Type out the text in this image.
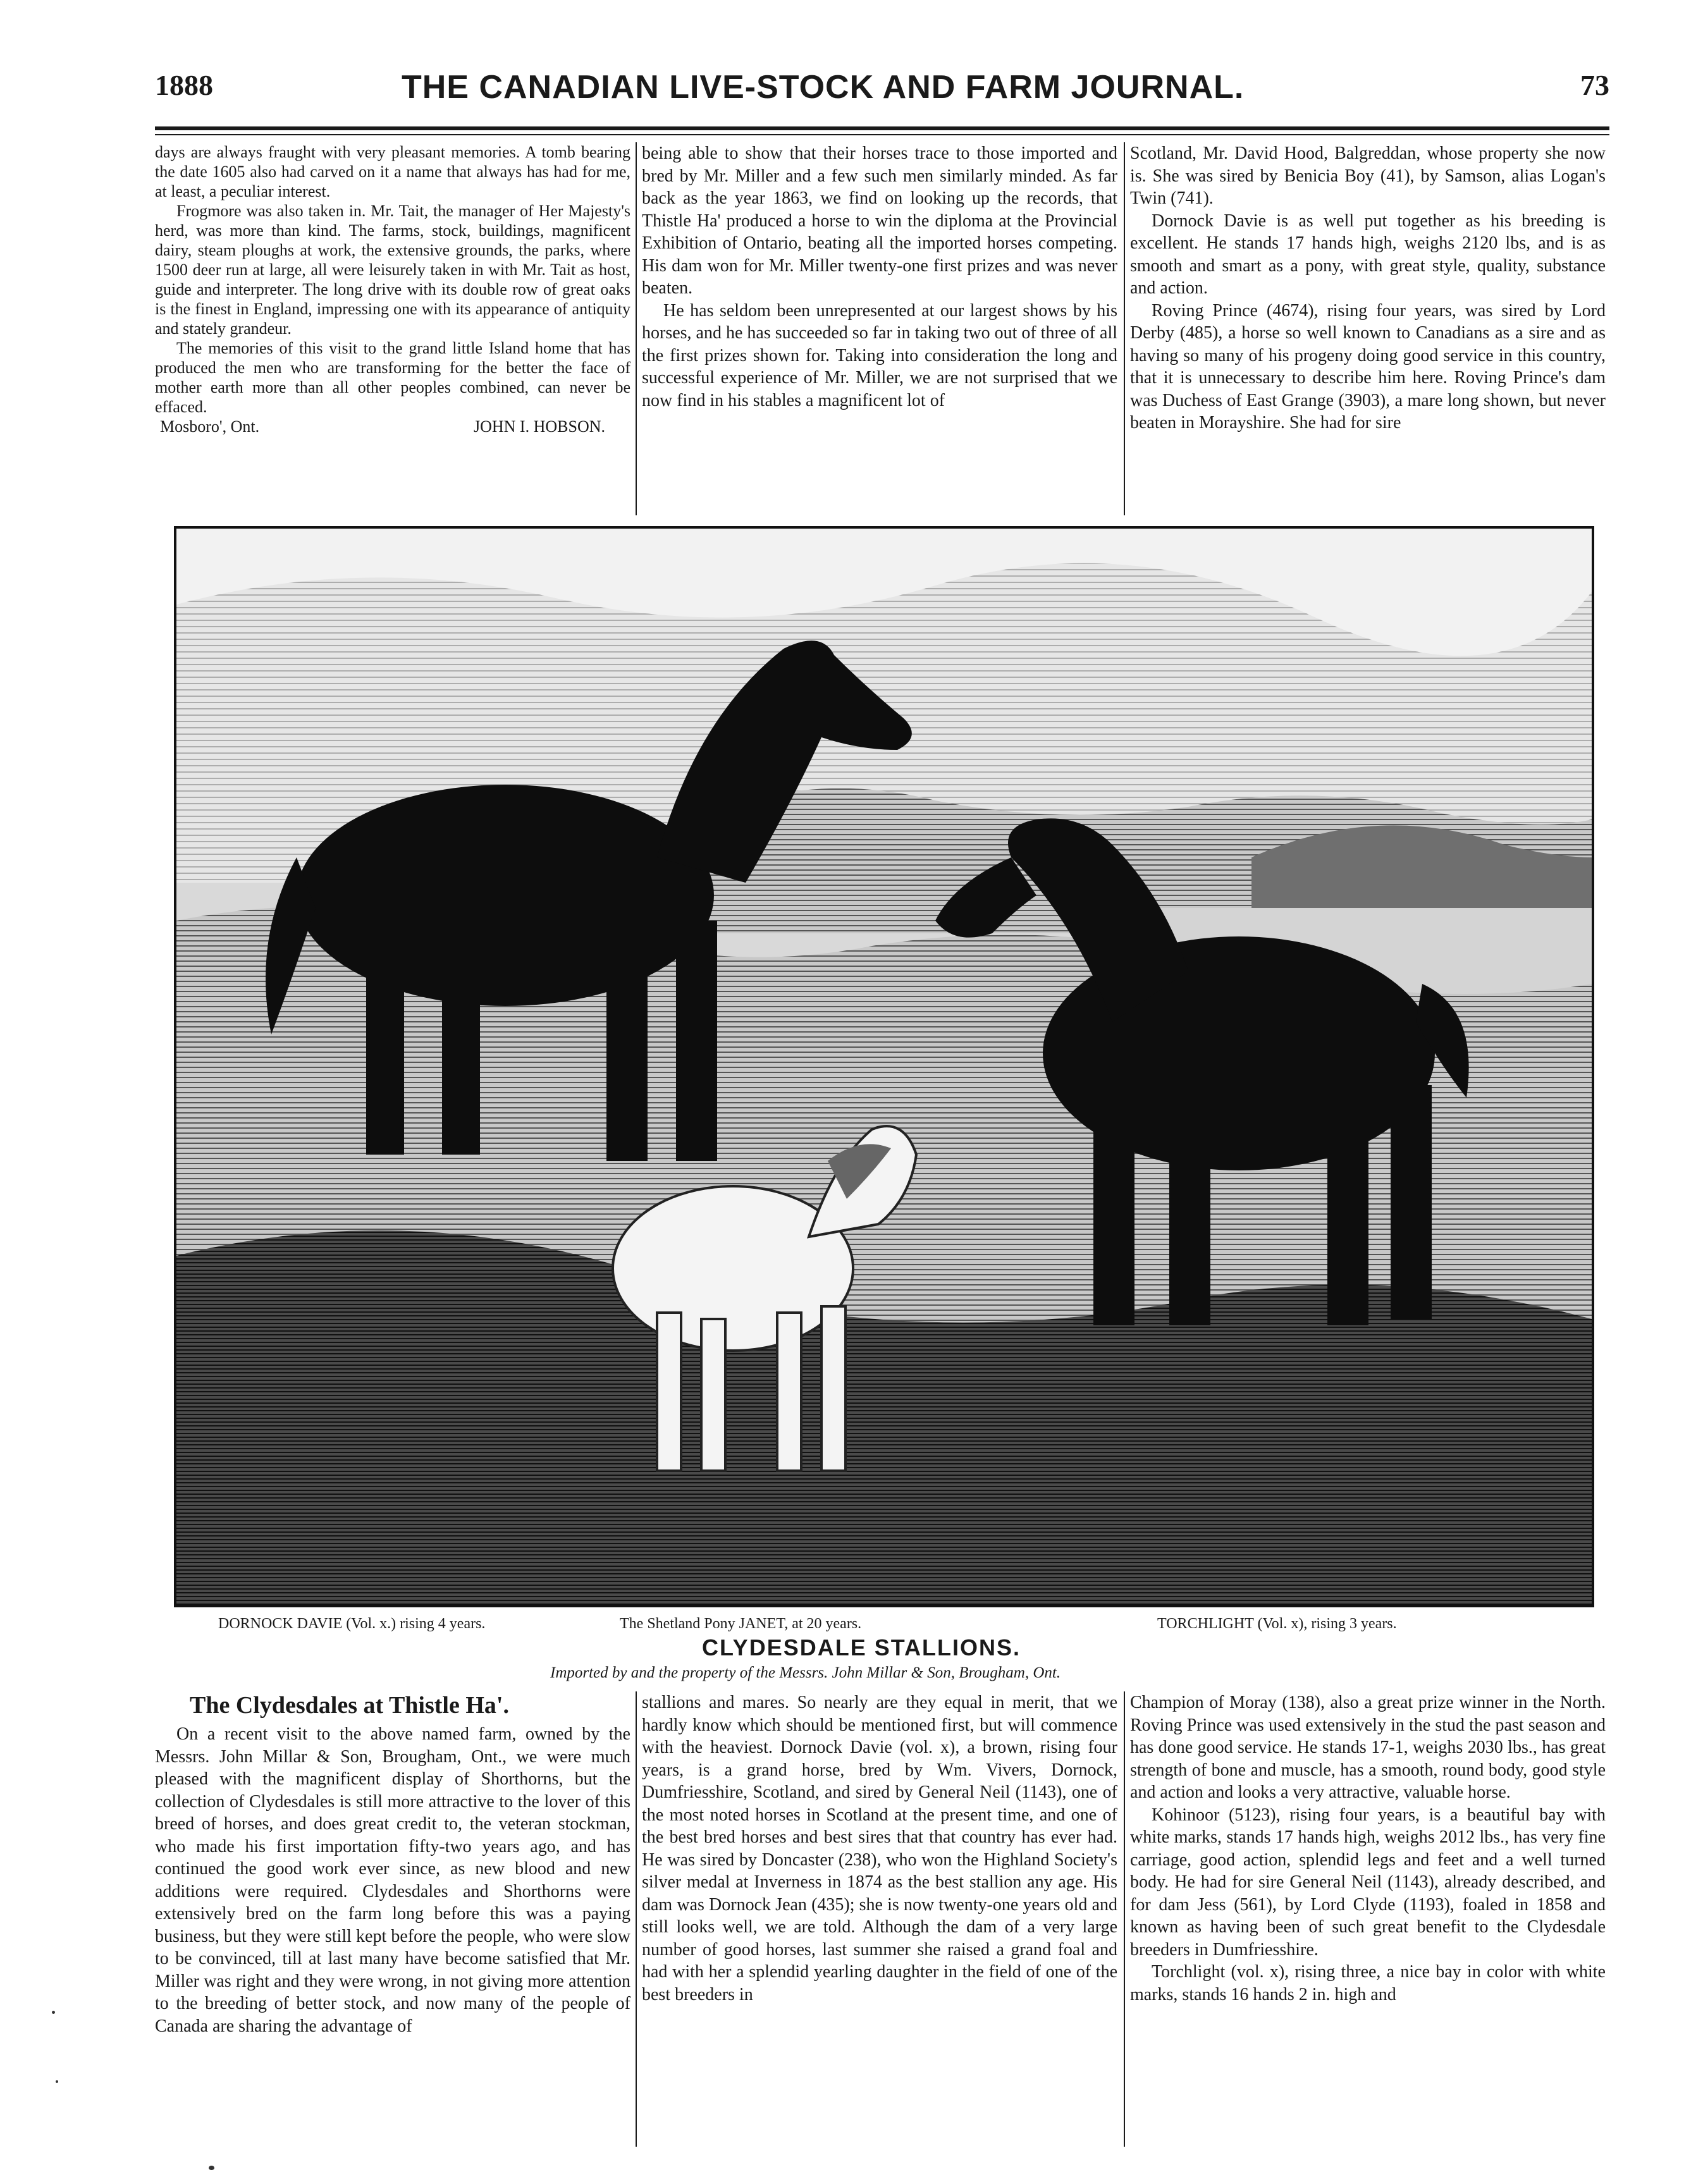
1888	THE CANADIAN LIVE-STOCK AND FARM JOURNAL.	73

days are always fraught with very pleasant memories. A tomb bearing the date 1605 also had carved on it a name that always has had for me, at least, a peculiar interest.

Frogmore was also taken in. Mr. Tait, the manager of Her Majesty's herd, was more than kind. The farms, stock, buildings, magnificent dairy, steam ploughs at work, the extensive grounds, the parks, where 1500 deer run at large, all were leisurely taken in with Mr. Tait as host, guide and interpreter. The long drive with its double row of great oaks is the finest in England, impressing one with its appearance of antiquity and stately grandeur.

The memories of this visit to the grand little Island home that has produced the men who are transforming for the better the face of mother earth more than all other peoples combined, can never be effaced.

Mosboro', Ont.	JOHN I. HOBSON.

being able to show that their horses trace to those imported and bred by Mr. Miller and a few such men similarly minded. As far back as the year 1863, we find on looking up the records, that Thistle Ha' produced a horse to win the diploma at the Provincial Exhibition of Ontario, beating all the imported horses competing. His dam won for Mr. Miller twenty-one first prizes and was never beaten.

He has seldom been unrepresented at our largest shows by his horses, and he has succeeded so far in taking two out of three of all the first prizes shown for. Taking into consideration the long and successful experience of Mr. Miller, we are not surprised that we now find in his stables a magnificent lot of

Scotland, Mr. David Hood, Balgreddan, whose property she now is. She was sired by Benicia Boy (41), by Samson, alias Logan's Twin (741).

Dornock Davie is as well put together as his breeding is excellent. He stands 17 hands high, weighs 2120 lbs, and is as smooth and smart as a pony, with great style, quality, substance and action.

Roving Prince (4674), rising four years, was sired by Lord Derby (485), a horse so well known to Canadians as a sire and as having so many of his progeny doing good service in this country, that it is unnecessary to describe him here. Roving Prince's dam was Duchess of East Grange (3903), a mare long shown, but never beaten in Morayshire. She had for sire

DORNOCK DAVIE (Vol. x.) rising 4 years.	The Shetland Pony JANET, at 20 years.	TORCHLIGHT (Vol. x), rising 3 years.
CLYDESDALE STALLIONS.
Imported by and the property of the Messrs. John Millar & Son, Brougham, Ont.
The Clydesdales at Thistle Ha'.

On a recent visit to the above named farm, owned by the Messrs. John Millar & Son, Brougham, Ont., we were much pleased with the magnificent display of Shorthorns, but the collection of Clydesdales is still more attractive to the lover of this breed of horses, and does great credit to, the veteran stockman, who made his first importation fifty-two years ago, and has continued the good work ever since, as new blood and new additions were required. Clydesdales and Shorthorns were extensively bred on the farm long before this was a paying business, but they were still kept before the people, who were slow to be convinced, till at last many have become satisfied that Mr. Miller was right and they were wrong, in not giving more attention to the breeding of better stock, and now many of the people of Canada are sharing the advantage of

stallions and mares. So nearly are they equal in merit, that we hardly know which should be mentioned first, but will commence with the heaviest. Dornock Davie (vol. x), a brown, rising four years, is a grand horse, bred by Wm. Vivers, Dornock, Dumfriesshire, Scotland, and sired by General Neil (1143), one of the most noted horses in Scotland at the present time, and one of the best bred horses and best sires that that country has ever had. He was sired by Doncaster (238), who won the Highland Society's silver medal at Inverness in 1874 as the best stallion any age. His dam was Dornock Jean (435); she is now twenty-one years old and still looks well, we are told. Although the dam of a very large number of good horses, last summer she raised a grand foal and had with her a splendid yearling daughter in the field of one of the best breeders in

Champion of Moray (138), also a great prize winner in the North. Roving Prince was used extensively in the stud the past season and has done good service. He stands 17-1, weighs 2030 lbs., has great strength of bone and muscle, has a smooth, round body, good style and action and looks a very attractive, valuable horse.

Kohinoor (5123), rising four years, is a beautiful bay with white marks, stands 17 hands high, weighs 2012 lbs., has very fine carriage, good action, splendid legs and feet and a well turned body. He had for sire General Neil (1143), already described, and for dam Jess (561), by Lord Clyde (1193), foaled in 1858 and known as having been of such great benefit to the Clydesdale breeders in Dumfriesshire.

Torchlight (vol. x), rising three, a nice bay in color with white marks, stands 16 hands 2 in. high and
